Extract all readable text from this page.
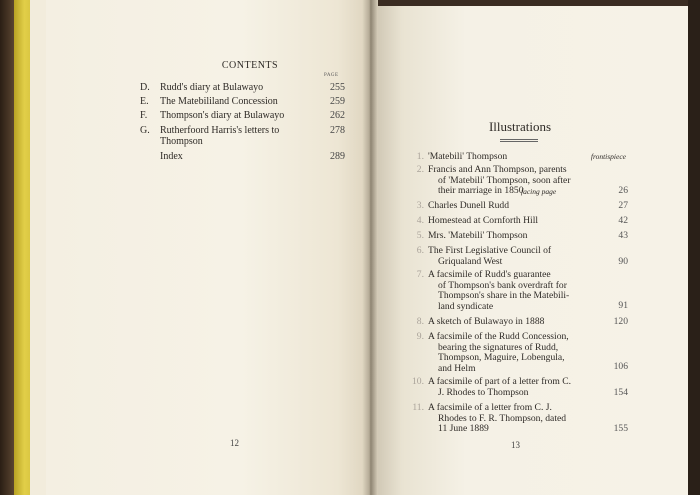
CONTENTS
PAGE
D.	Rudd's diary at Bulawayo	255
E.	The Matebililand Concession	259
F.	Thompson's diary at Bulawayo	262
G.	Rutherfoord Harris's letters to Thompson
278
Index	289
12
Illustrations
1. 'Matebili' Thompson	frontispiece
2. Francis and Ann Thompson, parents
of 'Matebili' Thompson, soon after
their marriage in 1850
facing page	26
3. Charles Dunell Rudd	27
4. Homestead at Cornforth Hill	42
5. Mrs. 'Matebili' Thompson	43
6. The First Legislative Council of
Griqualand West	90
7. A facsimile of Rudd's guarantee
of Thompson's bank overdraft for
Thompson's share in the Matebili-
land syndicate	91
8. A sketch of Bulawayo in 1888	120
9. A facsimile of the Rudd Concession,
bearing the signatures of Rudd,
Thompson, Maguire, Lobengula,
and Helm	106
10. A facsimile of part of a letter from C.
J. Rhodes to Thompson	154
11. A facsimile of a letter from C. J.
Rhodes to F. R. Thompson, dated
11 June 1889	155
13
